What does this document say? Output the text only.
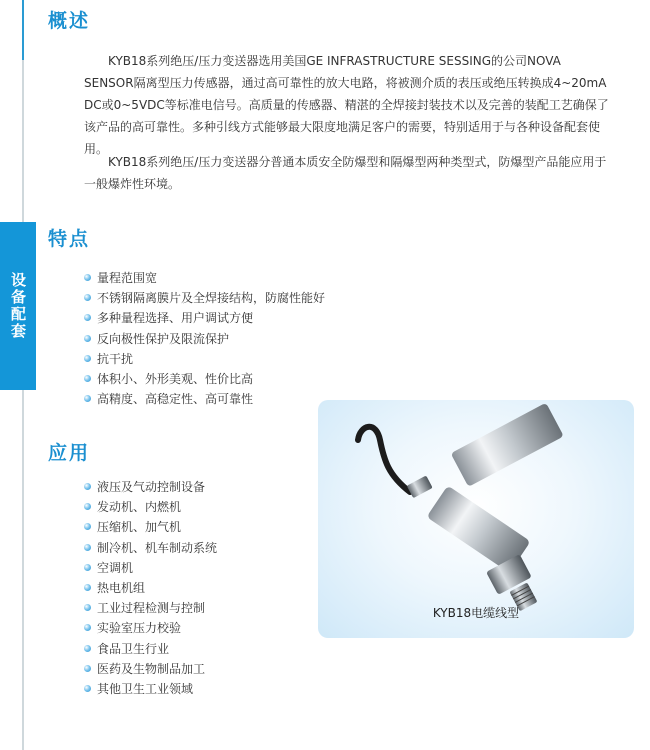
设备配套
概述

KYB18系列绝压/压力变送器选用美国GE INFRASTRUCTURE SESSING的公司NOVA SENSOR隔离型压力传感器，通过高可靠性的放大电路，将被测介质的表压或绝压转换成4~20mA DC或0~5VDC等标准电信号。高质量的传感器、精湛的全焊接封装技术以及完善的装配工艺确保了该产品的高可靠性。多种引线方式能够最大限度地满足客户的需要，特别适用于与各种设备配套使用。

KYB18系列绝压/压力变送器分普通本质安全防爆型和隔爆型两种类型式，防爆型产品能应用于一般爆炸性环境。

特点
量程范围宽
不锈钢隔离膜片及全焊接结构，防腐性能好
多种量程选择、用户调试方便
反向极性保护及限流保护
抗干扰
体积小、外形美观、性价比高
高精度、高稳定性、高可靠性
应用
液压及气动控制设备
发动机、内燃机
压缩机、加气机
制冷机、机车制动系统
空调机
热电机组
工业过程检测与控制
实验室压力校验
食品卫生行业
医药及生物制品加工
其他卫生工业领域
KYB18电缆线型
